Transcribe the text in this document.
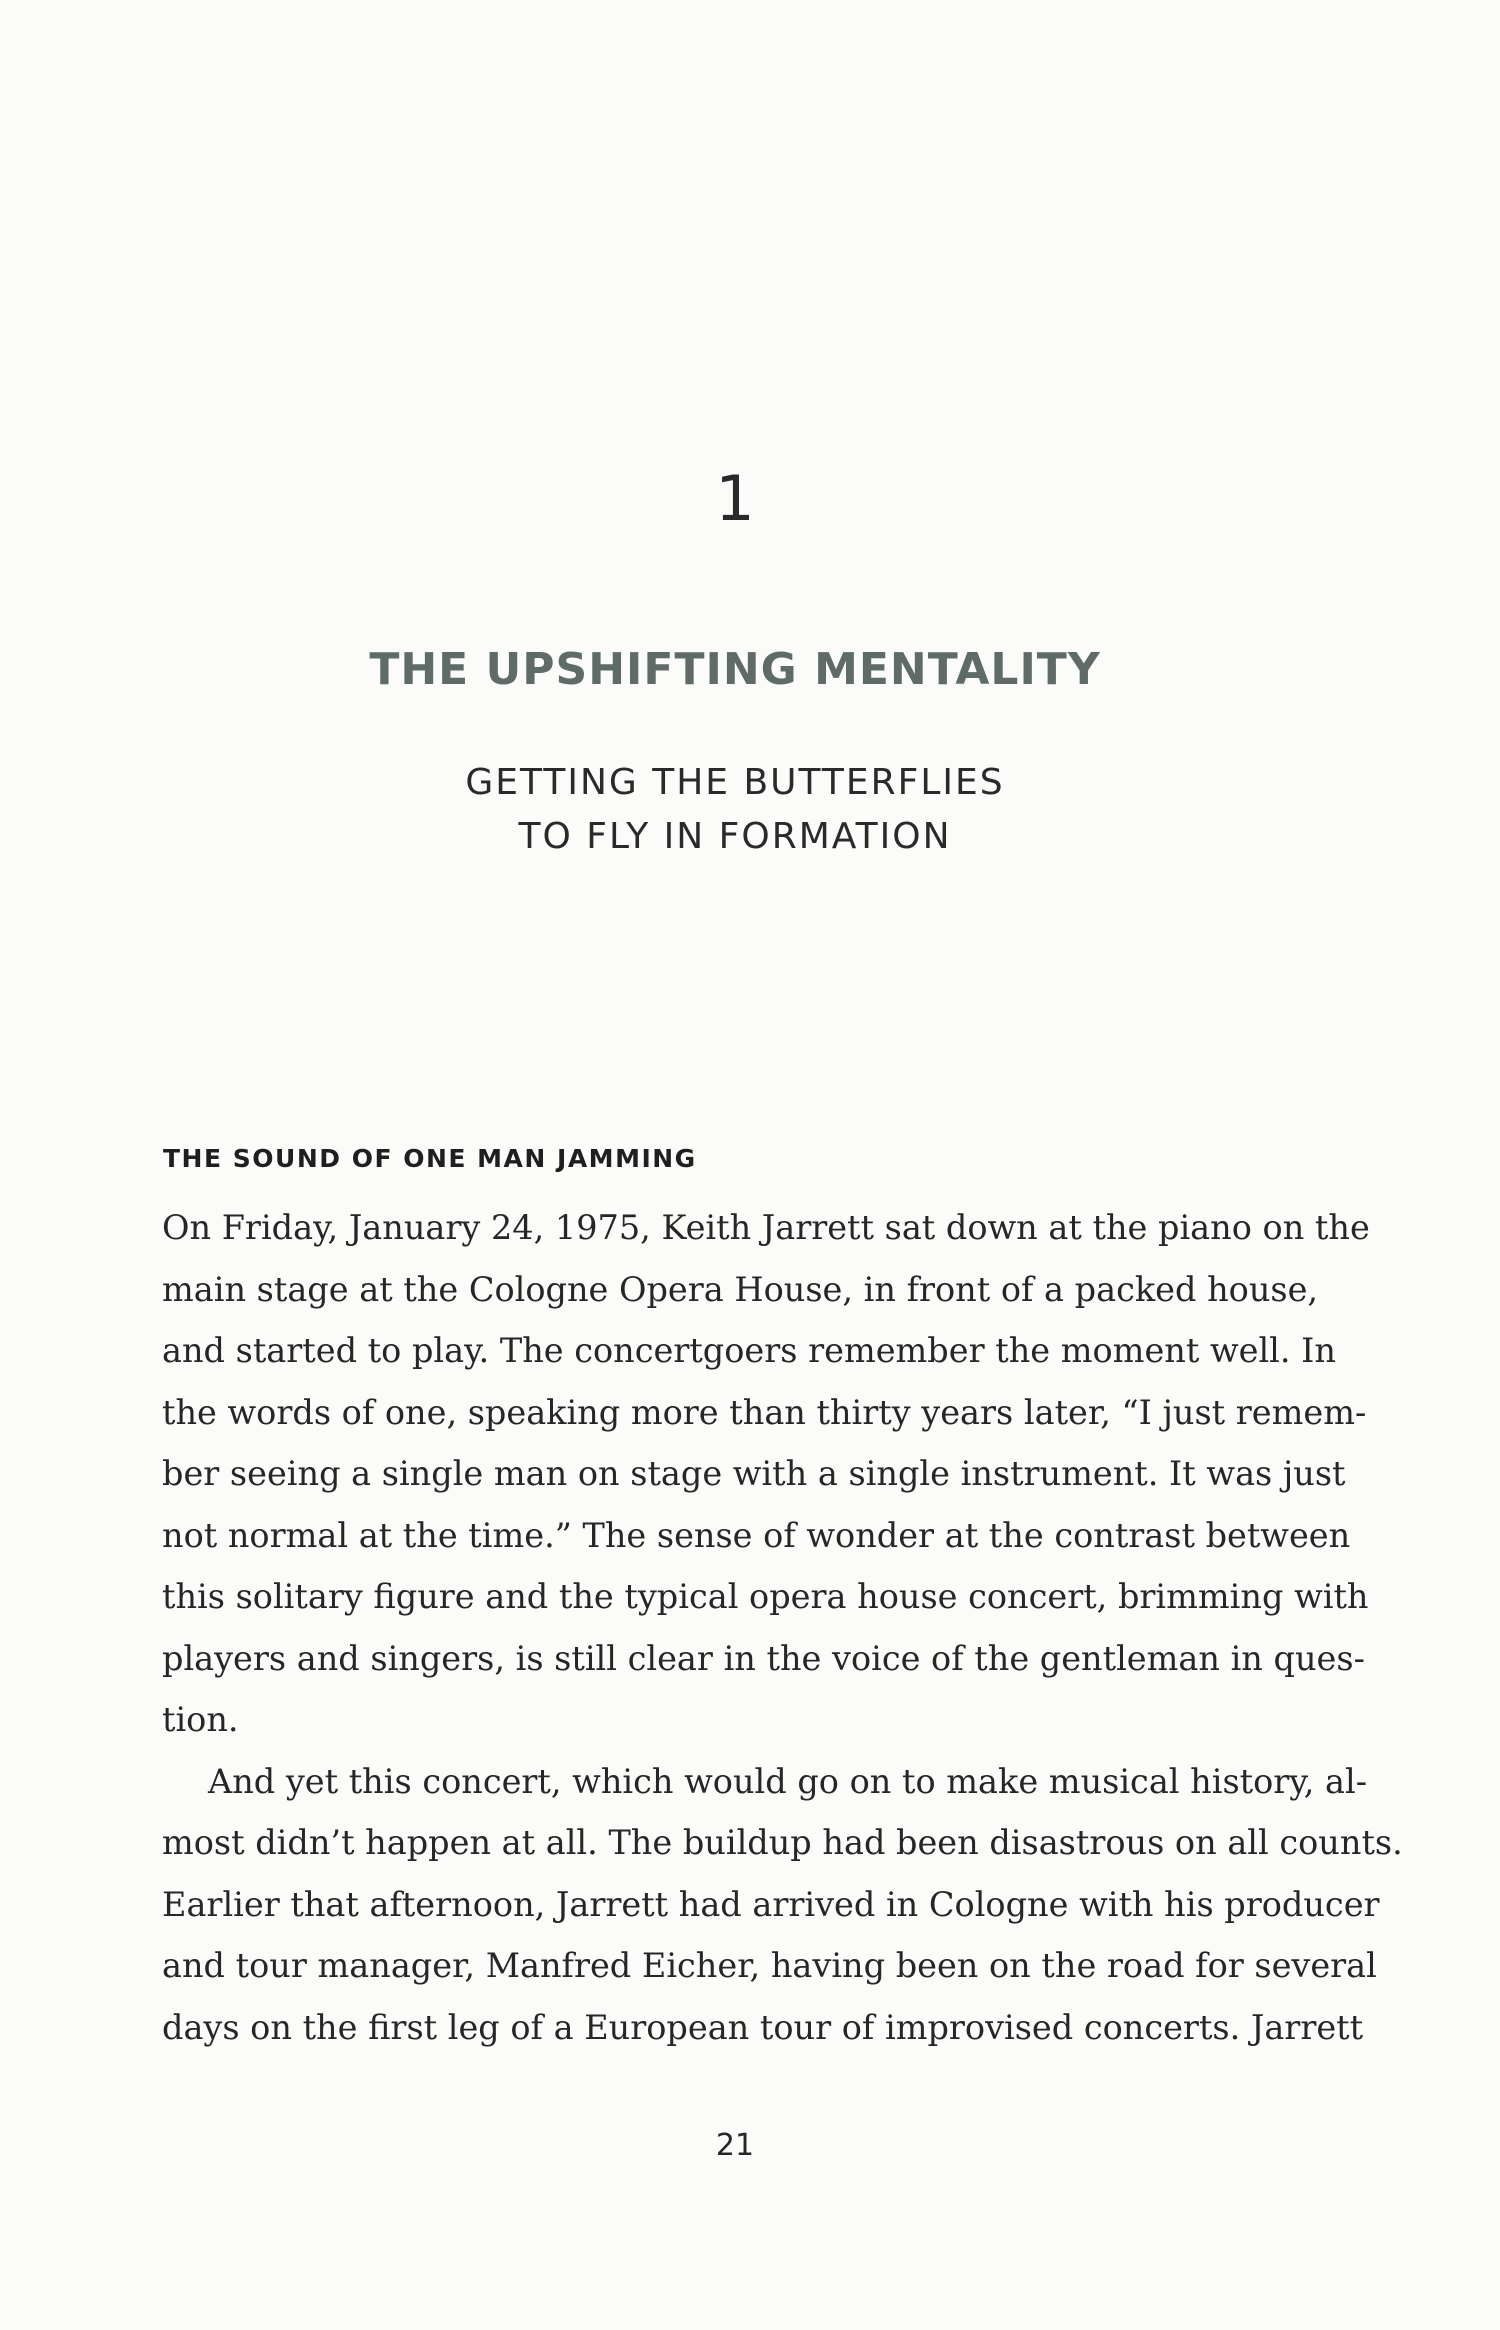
1
THE UPSHIFTING MENTALITY
GETTING THE BUTTERFLIES
TO FLY IN FORMATION
THE SOUND OF ONE MAN JAMMING
On Friday, January 24, 1975, Keith Jarrett sat down at the piano on the
main stage at the Cologne Opera House, in front of a packed house,
and started to play. The concertgoers remember the moment well. In
the words of one, speaking more than thirty years later, “I just remem-
ber seeing a single man on stage with a single instrument. It was just
not normal at the time.” The sense of wonder at the contrast between
this solitary figure and the typical opera house concert, brimming with
players and singers, is still clear in the voice of the gentleman in ques-
tion.
And yet this concert, which would go on to make musical history, al-
most didn’t happen at all. The buildup had been disastrous on all counts.
Earlier that afternoon, Jarrett had arrived in Cologne with his producer
and tour manager, Manfred Eicher, having been on the road for several
days on the first leg of a European tour of improvised concerts. Jarrett
21
